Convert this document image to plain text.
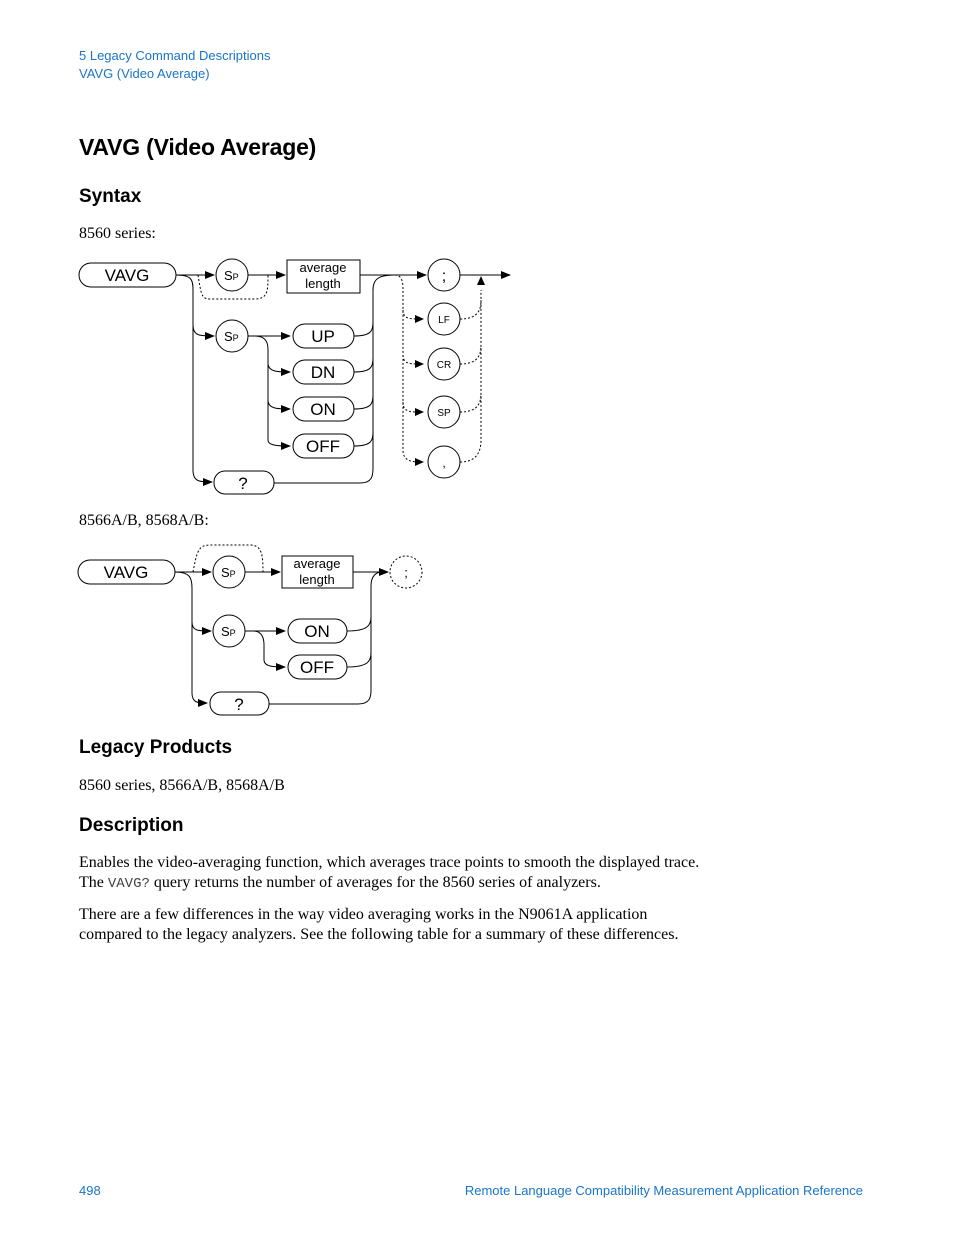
5 Legacy Command Descriptions
VAVG (Video Average)
VAVG (Video Average)
Syntax
8560 series:
VAVG	SP
SP
average
length
UP
DN
ON
OFF
?
;
LF
CR
SP
,
8566A/B, 8568A/B:
VAVG	SP
SP
average
length
ON
OFF
?
;
Legacy Products
8560 series, 8566A/B, 8568A/B
Description
Enables the video-averaging function, which averages trace points to smooth the displayed trace.
The VAVG? query returns the number of averages for the 8560 series of analyzers.
There are a few differences in the way video averaging works in the N9061A application
compared to the legacy analyzers. See the following table for a summary of these differences.
498	Remote Language Compatibility Measurement Application Reference
